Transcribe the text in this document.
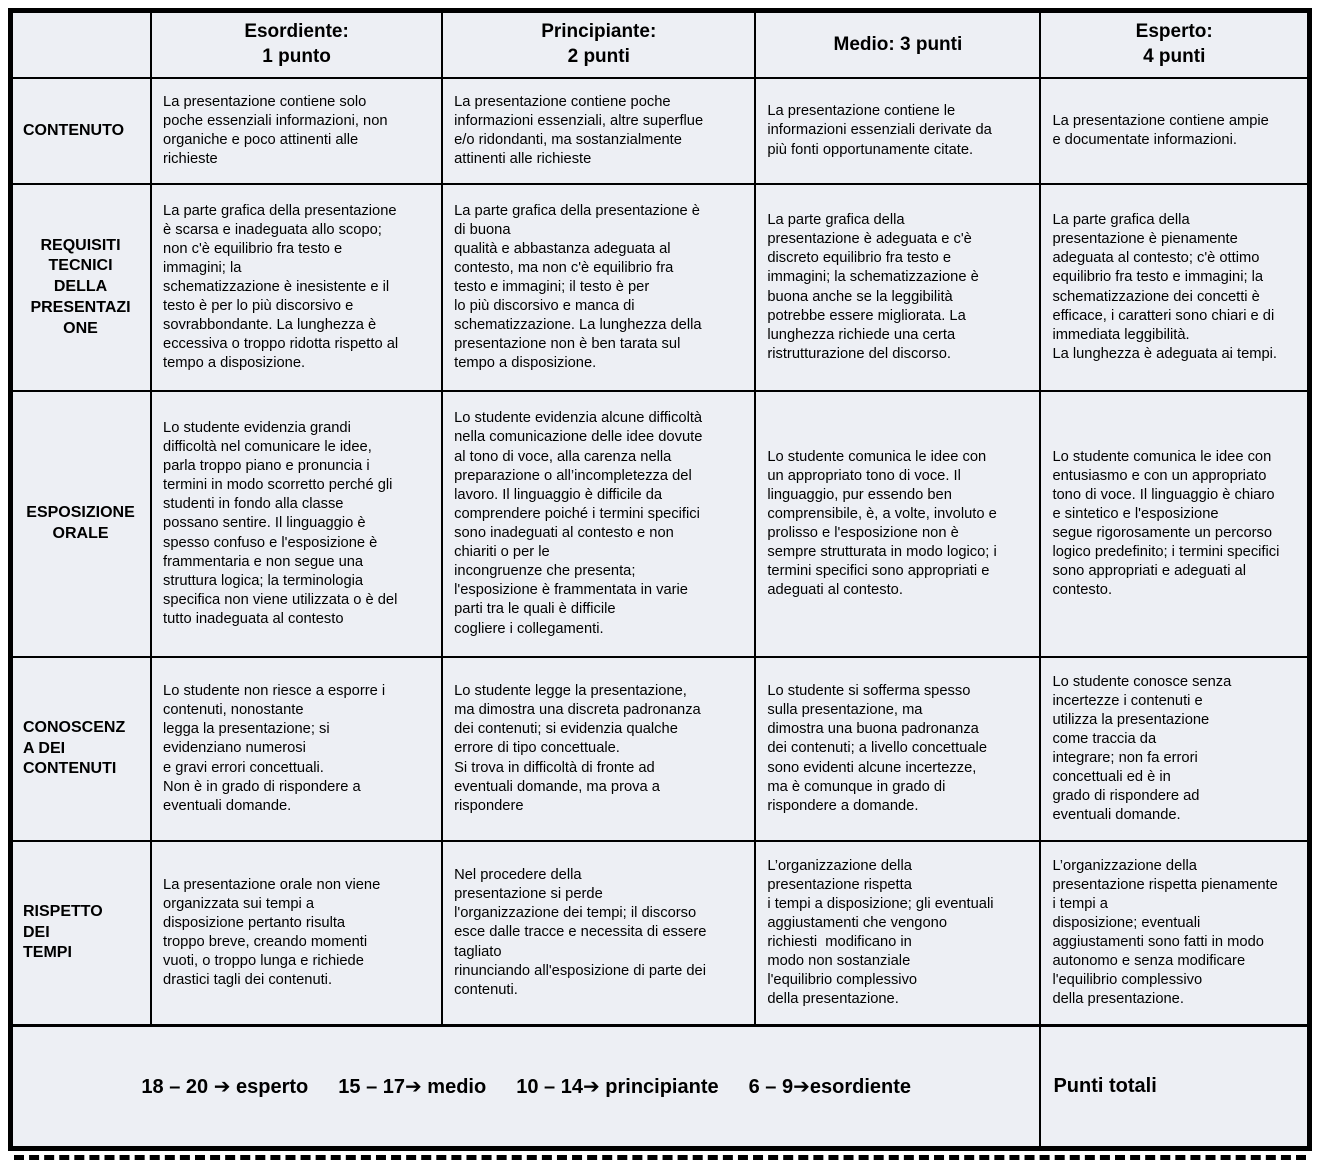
	Esordiente:
1 punto	Principiante:
2 punti	Medio: 3 punti	Esperto:
4 punti
CONTENUTO	La presentazione contiene solo
poche essenziali informazioni, non
organiche e poco attinenti alle
richieste	La presentazione contiene poche
informazioni essenziali, altre superflue
e/o ridondanti, ma sostanzialmente
attinenti alle richieste	La presentazione contiene le
informazioni essenziali derivate da
più fonti opportunamente citate.	La presentazione contiene ampie
e documentate informazioni.
REQUISITI
TECNICI
DELLA
PRESENTAZI
ONE	La parte grafica della presentazione
è scarsa e inadeguata allo scopo;
non c'è equilibrio fra testo e
immagini; la
schematizzazione è inesistente e il
testo è per lo più discorsivo e
sovrabbondante. La lunghezza è
eccessiva o troppo ridotta rispetto al
tempo a disposizione.	La parte grafica della presentazione è
di buona
qualità e abbastanza adeguata al
contesto, ma non c'è equilibrio fra
testo e immagini; il testo è per
lo più discorsivo e manca di
schematizzazione. La lunghezza della
presentazione non è ben tarata sul
tempo a disposizione.	La parte grafica della
presentazione è adeguata e c'è
discreto equilibrio fra testo e
immagini; la schematizzazione è
buona anche se la leggibilità
potrebbe essere migliorata. La
lunghezza richiede una certa
ristrutturazione del discorso.	La parte grafica della
presentazione è pienamente
adeguata al contesto; c'è ottimo
equilibrio fra testo e immagini; la
schematizzazione dei concetti è
efficace, i caratteri sono chiari e di
immediata leggibilità.
La lunghezza è adeguata ai tempi.
ESPOSIZIONE
ORALE	Lo studente evidenzia grandi
difficoltà nel comunicare le idee,
parla troppo piano e pronuncia i
termini in modo scorretto perché gli
studenti in fondo alla classe
possano sentire. Il linguaggio è
spesso confuso e l'esposizione è
frammentaria e non segue una
struttura logica; la terminologia
specifica non viene utilizzata o è del
tutto inadeguata al contesto	Lo studente evidenzia alcune difficoltà
nella comunicazione delle idee dovute
al tono di voce, alla carenza nella
preparazione o all’incompletezza del
lavoro. Il linguaggio è difficile da
comprendere poiché i termini specifici
sono inadeguati al contesto e non
chiariti o per le
incongruenze che presenta;
l'esposizione è frammentata in varie
parti tra le quali è difficile
cogliere i collegamenti.	Lo studente comunica le idee con
un appropriato tono di voce. Il
linguaggio, pur essendo ben
comprensibile, è, a volte, involuto e
prolisso e l'esposizione non è
sempre strutturata in modo logico; i
termini specifici sono appropriati e
adeguati al contesto.	Lo studente comunica le idee con
entusiasmo e con un appropriato
tono di voce. Il linguaggio è chiaro
e sintetico e l'esposizione
segue rigorosamente un percorso
logico predefinito; i termini specifici
sono appropriati e adeguati al
contesto.
CONOSCENZ
A DEI
CONTENUTI	Lo studente non riesce a esporre i
contenuti, nonostante
legga la presentazione; si
evidenziano numerosi
e gravi errori concettuali.
Non è in grado di rispondere a
eventuali domande.	Lo studente legge la presentazione,
ma dimostra una discreta padronanza
dei contenuti; si evidenzia qualche
errore di tipo concettuale.
Si trova in difficoltà di fronte ad
eventuali domande, ma prova a
rispondere	Lo studente si sofferma spesso
sulla presentazione, ma
dimostra una buona padronanza
dei contenuti; a livello concettuale
sono evidenti alcune incertezze,
ma è comunque in grado di
rispondere a domande.	Lo studente conosce senza
incertezze i contenuti e
utilizza la presentazione
come traccia da
integrare; non fa errori
concettuali ed è in
grado di rispondere ad
eventuali domande.
RISPETTO
DEI
TEMPI	La presentazione orale non viene
organizzata sui tempi a
disposizione pertanto risulta
troppo breve, creando momenti
vuoti, o troppo lunga e richiede
drastici tagli dei contenuti.	Nel procedere della
presentazione si perde
l'organizzazione dei tempi; il discorso
esce dalle tracce e necessita di essere
tagliato
rinunciando all'esposizione di parte dei
contenuti.	L’organizzazione della
presentazione rispetta
i tempi a disposizione; gli eventuali
aggiustamenti che vengono
richiesti  modificano in
modo non sostanziale
l'equilibrio complessivo
della presentazione.	L’organizzazione della
presentazione rispetta pienamente
i tempi a
disposizione; eventuali
aggiustamenti sono fatti in modo
autonomo e senza modificare
l'equilibrio complessivo
della presentazione.

18 – 20 ➔ esperto 15 – 17➔ medio 10 – 14➔ principiante 6 – 9➔esordiente				Punti totali
